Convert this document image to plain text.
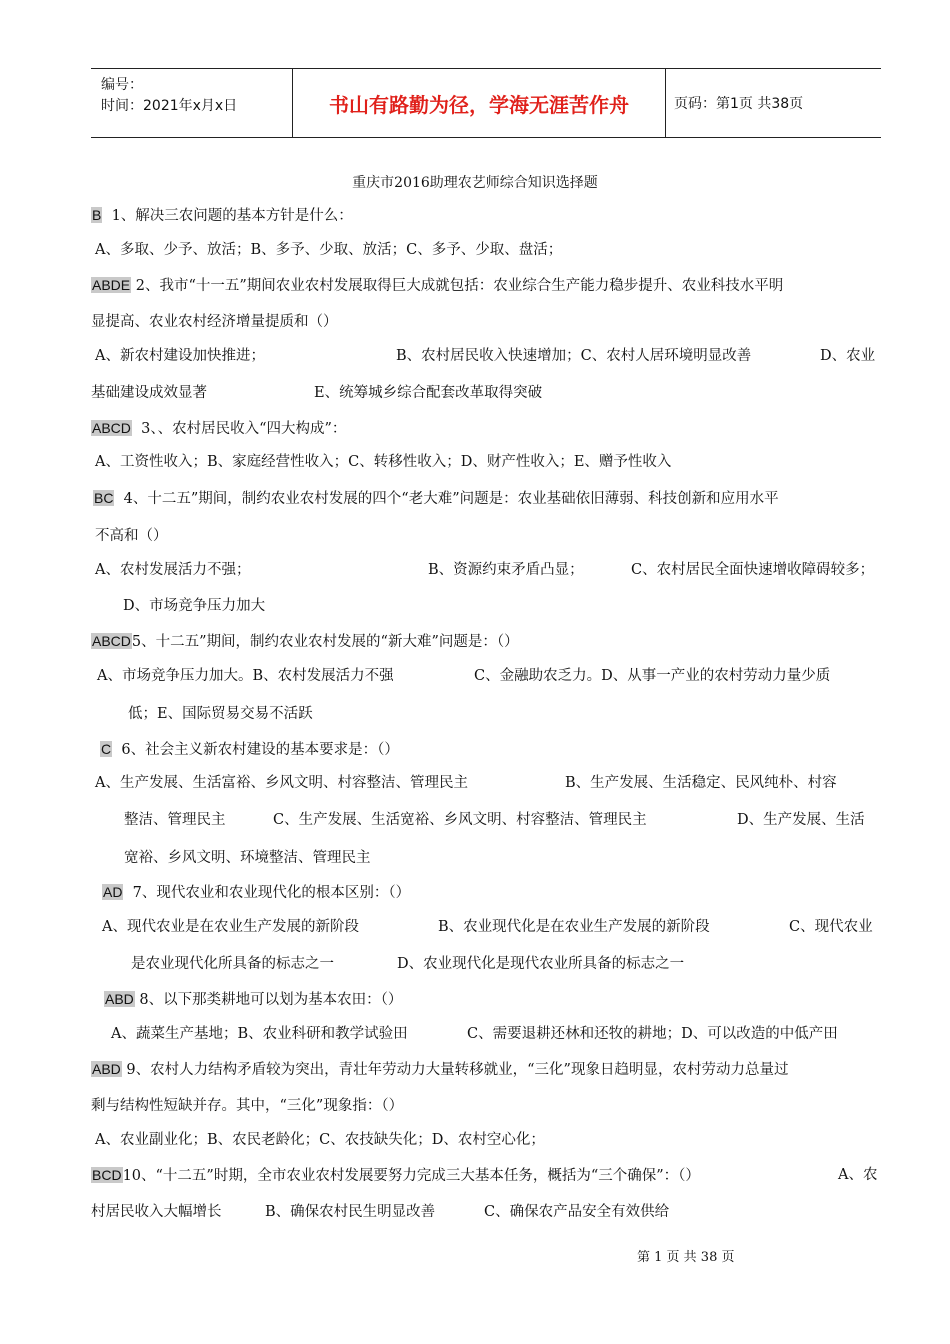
编号：
时间：2021年x月x日	书山有路勤为径，学海无涯苦作舟	页码：第1页 共38页
重庆市2016助理农艺师综合知识选择题
B 1、解决三农问题的基本方针是什么：
A、多取、少予、放活；B、多予、少取、放活；C、多予、少取、盘活；
ABDE 2、我市“十一五”期间农业农村发展取得巨大成就包括：农业综合生产能力稳步提升、农业科技水平明
显提高、农业农村经济增量提质和（）
A、新农村建设加快推进；	B、农村居民收入快速增加；C、农村人居环境明显改善	D、农业
基础建设成效显著	E、统筹城乡综合配套改革取得突破
ABCD 3、、农村居民收入“四大构成”：
A、工资性收入；B、家庭经营性收入；C、转移性收入；D、财产性收入；E、赠予性收入
BC 4、十二五”期间，制约农业农村发展的四个“老大难”问题是：农业基础依旧薄弱、科技创新和应用水平
不高和（）
A、农村发展活力不强；	B、资源约束矛盾凸显；	C、农村居民全面快速增收障碍较多；
D、市场竞争压力加大
ABCD5、十二五”期间，制约农业农村发展的“新大难”问题是：（）
A、市场竞争压力加大。B、农村发展活力不强	C、金融助农乏力。D、从事一产业的农村劳动力量少质
低；E、国际贸易交易不活跃
C 6、社会主义新农村建设的基本要求是：（）
A、生产发展、生活富裕、乡风文明、村容整洁、管理民主	B、生产发展、生活稳定、民风纯朴、村容
整洁、管理民主	C、生产发展、生活宽裕、乡风文明、村容整洁、管理民主	D、生产发展、生活
宽裕、乡风文明、环境整洁、管理民主
AD 7、现代农业和农业现代化的根本区别：（）
A、现代农业是在农业生产发展的新阶段	B、农业现代化是在农业生产发展的新阶段	C、现代农业
是农业现代化所具备的标志之一	D、农业现代化是现代农业所具备的标志之一
ABD 8、以下那类耕地可以划为基本农田：（）
A、蔬菜生产基地；B、农业科研和教学试验田	C、需要退耕还林和还牧的耕地；D、可以改造的中低产田
ABD 9、农村人力结构矛盾较为突出，青壮年劳动力大量转移就业，“三化”现象日趋明显，农村劳动力总量过
剩与结构性短缺并存。其中，“三化”现象指：（）
A、农业副业化；B、农民老龄化；C、农技缺失化；D、农村空心化；
BCD10、“十二五”时期，全市农业农村发展要努力完成三大基本任务，概括为“三个确保”：（）	A、农
村居民收入大幅增长	B、确保农村民生明显改善	C、确保农产品安全有效供给
第 1 页 共 38 页
